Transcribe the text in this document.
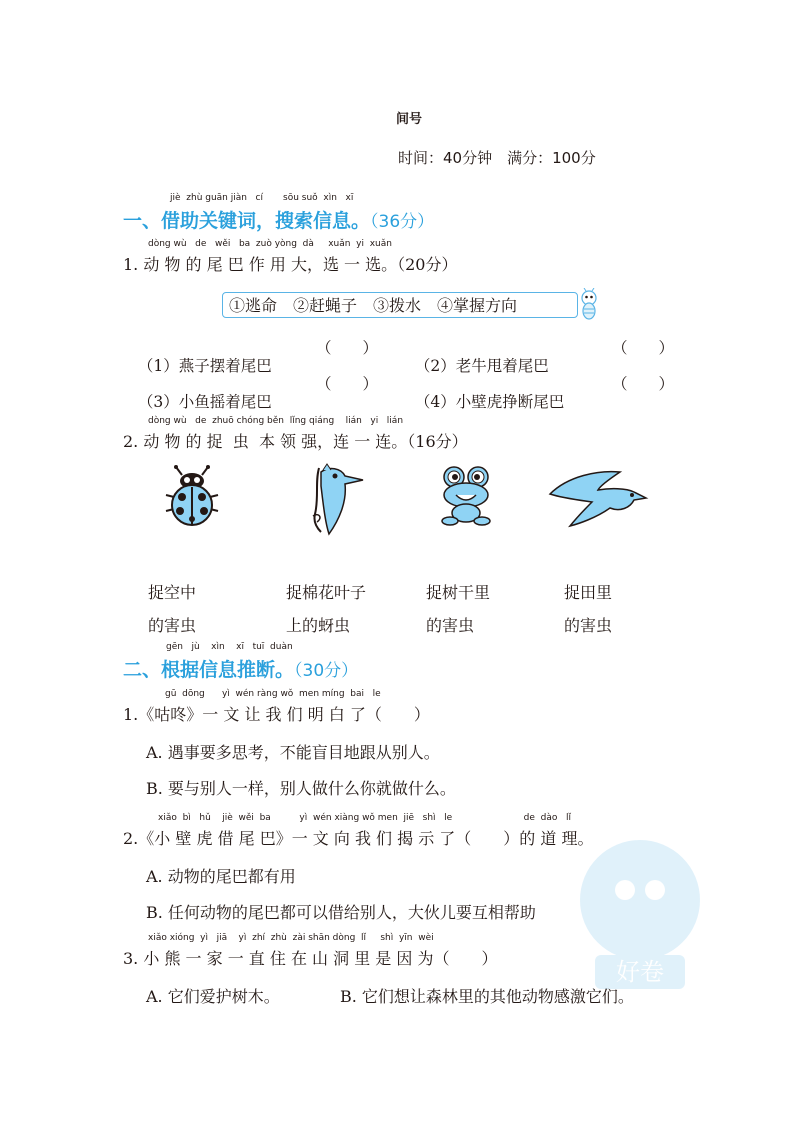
间号
时间：40分钟　满分：100分
jiè  zhù guān jiàn   cí       sōu suǒ  xìn   xī
一、借助关键词，搜索信息。（36分）
dòng wù   de   wěi   ba  zuò yòng  dà     xuǎn  yi  xuǎn
1. 动 物 的 尾 巴 作 用 大，选 一 选。（20分）
①逃命　②赶蝇子　③拨水　④掌握方向

（1）燕子摆着尾巴

（　　）

（2）老牛甩着尾巴

（　　）

（3）小鱼摇着尾巴

（　　）

（4）小壁虎挣断尾巴

（　　）
dòng wù   de  zhuō chóng běn  lǐng qiáng    lián   yi   lián
2. 动 物 的 捉  虫  本 领 强，连 一 连。（16分）
捉空中
的害虫
捉棉花叶子
上的蚜虫
捉树干里
的害虫
捉田里
的害虫
gēn   jù    xìn    xī   tuī  duàn
二、根据信息推断。（30分）
gū  dōng      yì  wén ràng wǒ  men míng  bai   le
1.《咕咚》一 文 让 我 们 明 白 了（　　）
A. 遇事要多思考，不能盲目地跟从别人。
B. 要与别人一样，别人做什么你就做什么。
xiǎo  bì   hǔ    jiè  wěi  ba          yì  wén xiàng wǒ men  jiē   shì   le                         de  dào   lǐ
2.《小 壁 虎 借 尾 巴》一 文 向 我 们 揭 示 了（　　）的 道 理。
A. 动物的尾巴都有用
B. 任何动物的尾巴都可以借给别人，大伙儿要互相帮助
xiǎo xióng  yì   jiā    yì  zhí  zhù  zài shān dòng  lǐ     shì  yīn  wèi
3. 小 熊 一 家 一 直 住 在 山 洞 里 是 因 为（　　）
A. 它们爱护树木。	B. 它们想让森林里的其他动物感激它们。
好卷
